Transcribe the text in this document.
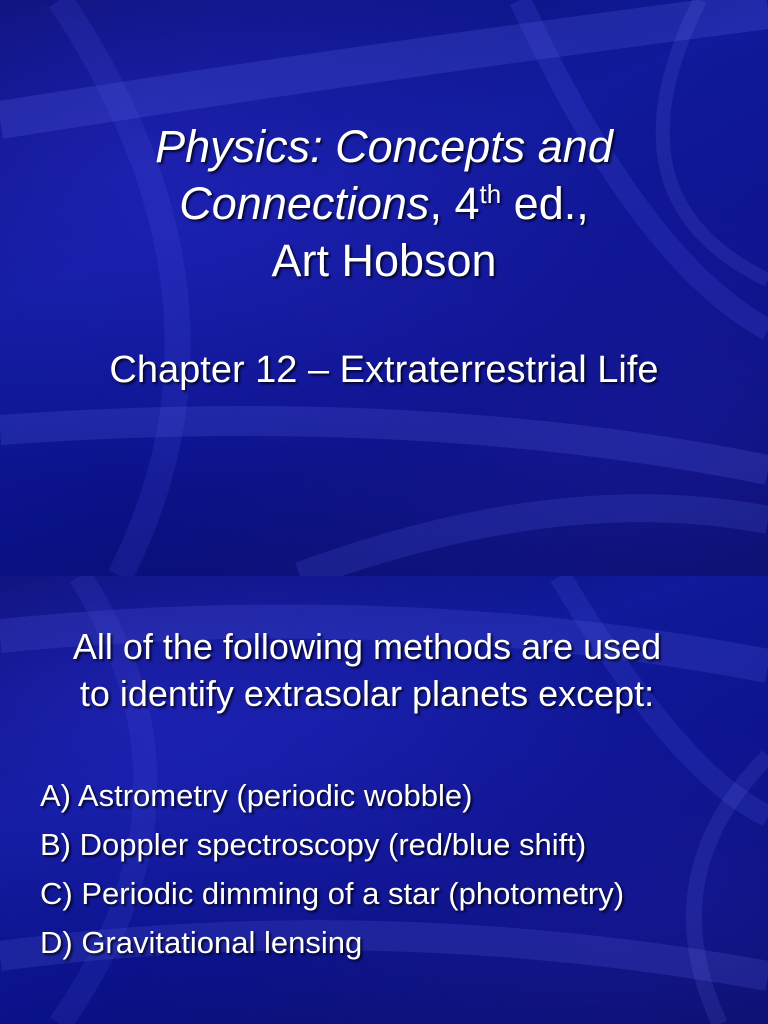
Physics: Concepts and
Connections, 4th ed.,
Art Hobson
Chapter 12 – Extraterrestrial Life
All of the following methods are used
to identify extrasolar planets except:
A) Astrometry (periodic wobble)
B) Doppler spectroscopy (red/blue shift)
C) Periodic dimming of a star (photometry)
D) Gravitational lensing
